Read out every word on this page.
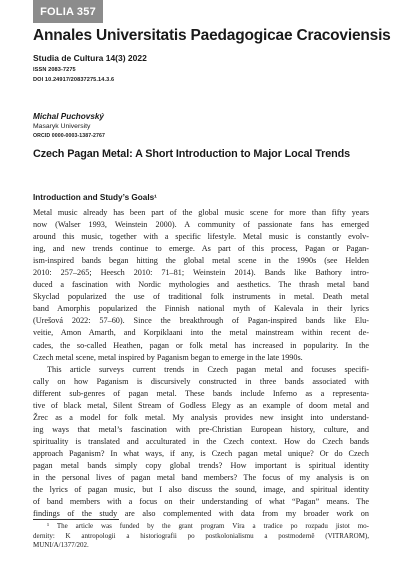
FOLIA 357
Annales Universitatis Paedagogicae Cracoviensis
Studia de Cultura 14(3) 2022
ISSN 2083-7275
DOI 10.24917/20837275.14.3.6
Michal Puchovský
Masaryk University
ORCID 0000-0003-1387-2767
Czech Pagan Metal: A Short Introduction to Major Local Trends
Introduction and Study’s Goals¹
Metal music already has been part of the global music scene for more than fifty years
now (Walser 1993, Weinstein 2000). A community of passionate fans has emerged
around this music, together with a specific lifestyle. Metal music is constantly evolv-
ing, and new trends continue to emerge. As part of this process, Pagan or Pagan-
ism-inspired bands began hitting the global metal scene in the 1990s (see Helden
2010: 257–265; Heesch 2010: 71–81; Weinstein 2014). Bands like Bathory intro-
duced a fascination with Nordic mythologies and aesthetics. The thrash metal band
Skyclad popularized the use of traditional folk instruments in metal. Death metal
band Amorphis popularized the Finnish national myth of Kalevala in their lyrics
(Urešová 2022: 57–60). Since the breakthrough of Pagan-inspired bands like Elu-
veitie, Amon Amarth, and Korpiklaani into the metal mainstream within recent de-
cades, the so-called Heathen, pagan or folk metal has increased in popularity. In the
Czech metal scene, metal inspired by Paganism began to emerge in the late 1990s.
This article surveys current trends in Czech pagan metal and focuses specifi-
cally on how Paganism is discursively constructed in three bands associated with
different sub-genres of pagan metal. These bands include Inferno as a representa-
tive of black metal, Silent Stream of Godless Elegy as an example of doom metal and
Žrec as a model for folk metal. My analysis provides new insight into understand-
ing ways that metal’s fascination with pre-Christian European history, culture, and
spirituality is translated and acculturated in the Czech context. How do Czech bands
approach Paganism? In what ways, if any, is Czech pagan metal unique? Or do Czech
pagan metal bands simply copy global trends? How important is spiritual identity
in the personal lives of pagan metal band members? The focus of my analysis is on
the lyrics of pagan music, but I also discuss the sound, image, and spiritual identity
of band members with a focus on their understanding of what “Pagan” means. The
findings of the study are also complemented with data from my broader work on
¹ The article was funded by the grant program Víra a tradice po rozpadu jistot mo-
dernity: K antropologii a historiografii po postkolonialismu a postmoderně (VITRAROM),
MUNI/A/1377/202.
